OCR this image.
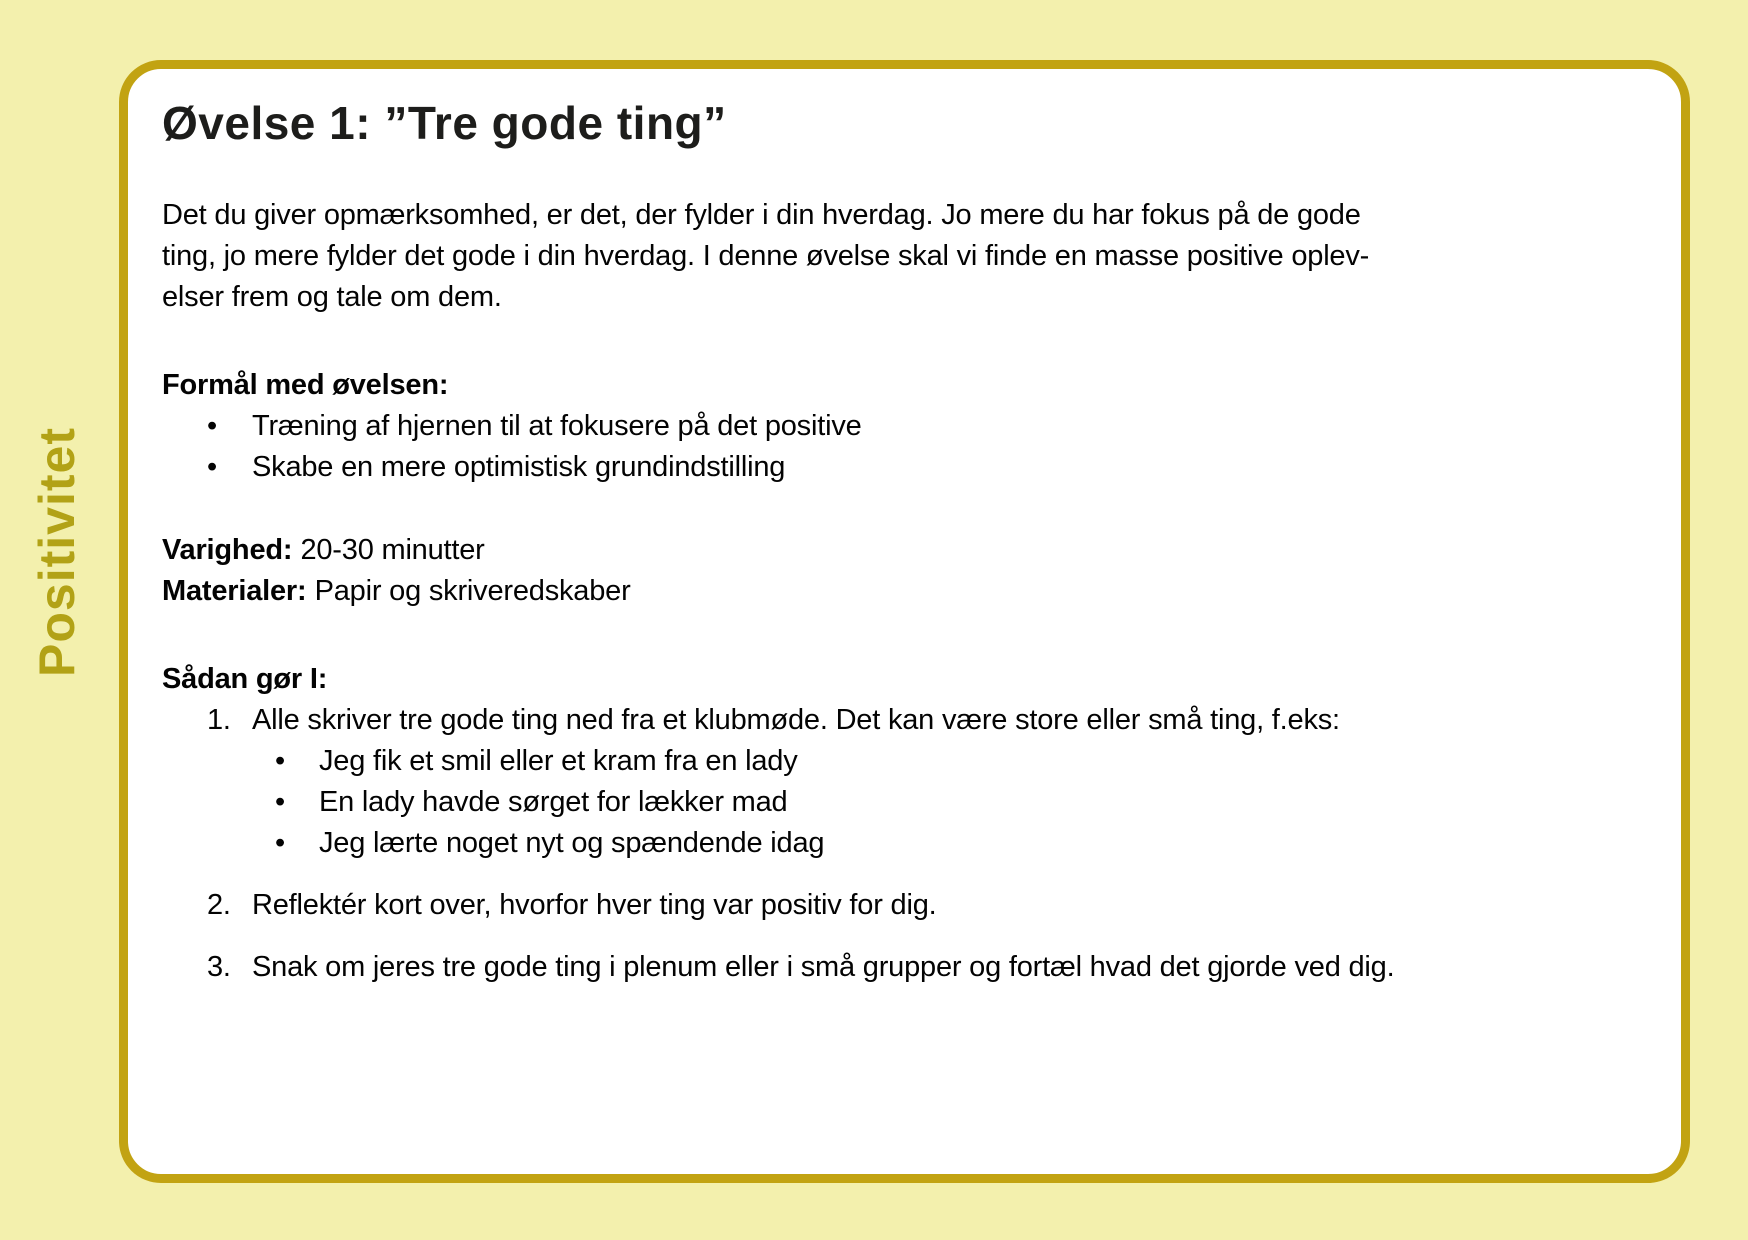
Positivitet
Øvelse 1: ”Tre gode ting”
Det du giver opmærksomhed, er det, der fylder i din hverdag. Jo mere du har fokus på de gode
ting, jo mere fylder det gode i din hverdag. I denne øvelse skal vi finde en masse positive oplev-
elser frem og tale om dem.
Formål med øvelsen:
•	Træning af hjernen til at fokusere på det positive
•	Skabe en mere optimistisk grundindstilling
Varighed: 20-30 minutter
Materialer: Papir og skriveredskaber
Sådan gør I:
1. Alle skriver tre gode ting ned fra et klubmøde. Det kan være store eller små ting, f.eks:
•	Jeg fik et smil eller et kram fra en lady
•	En lady havde sørget for lækker mad
•	Jeg lærte noget nyt og spændende idag
2. Reflektér kort over, hvorfor hver ting var positiv for dig.
3. Snak om jeres tre gode ting i plenum eller i små grupper og fortæl hvad det gjorde ved dig.
